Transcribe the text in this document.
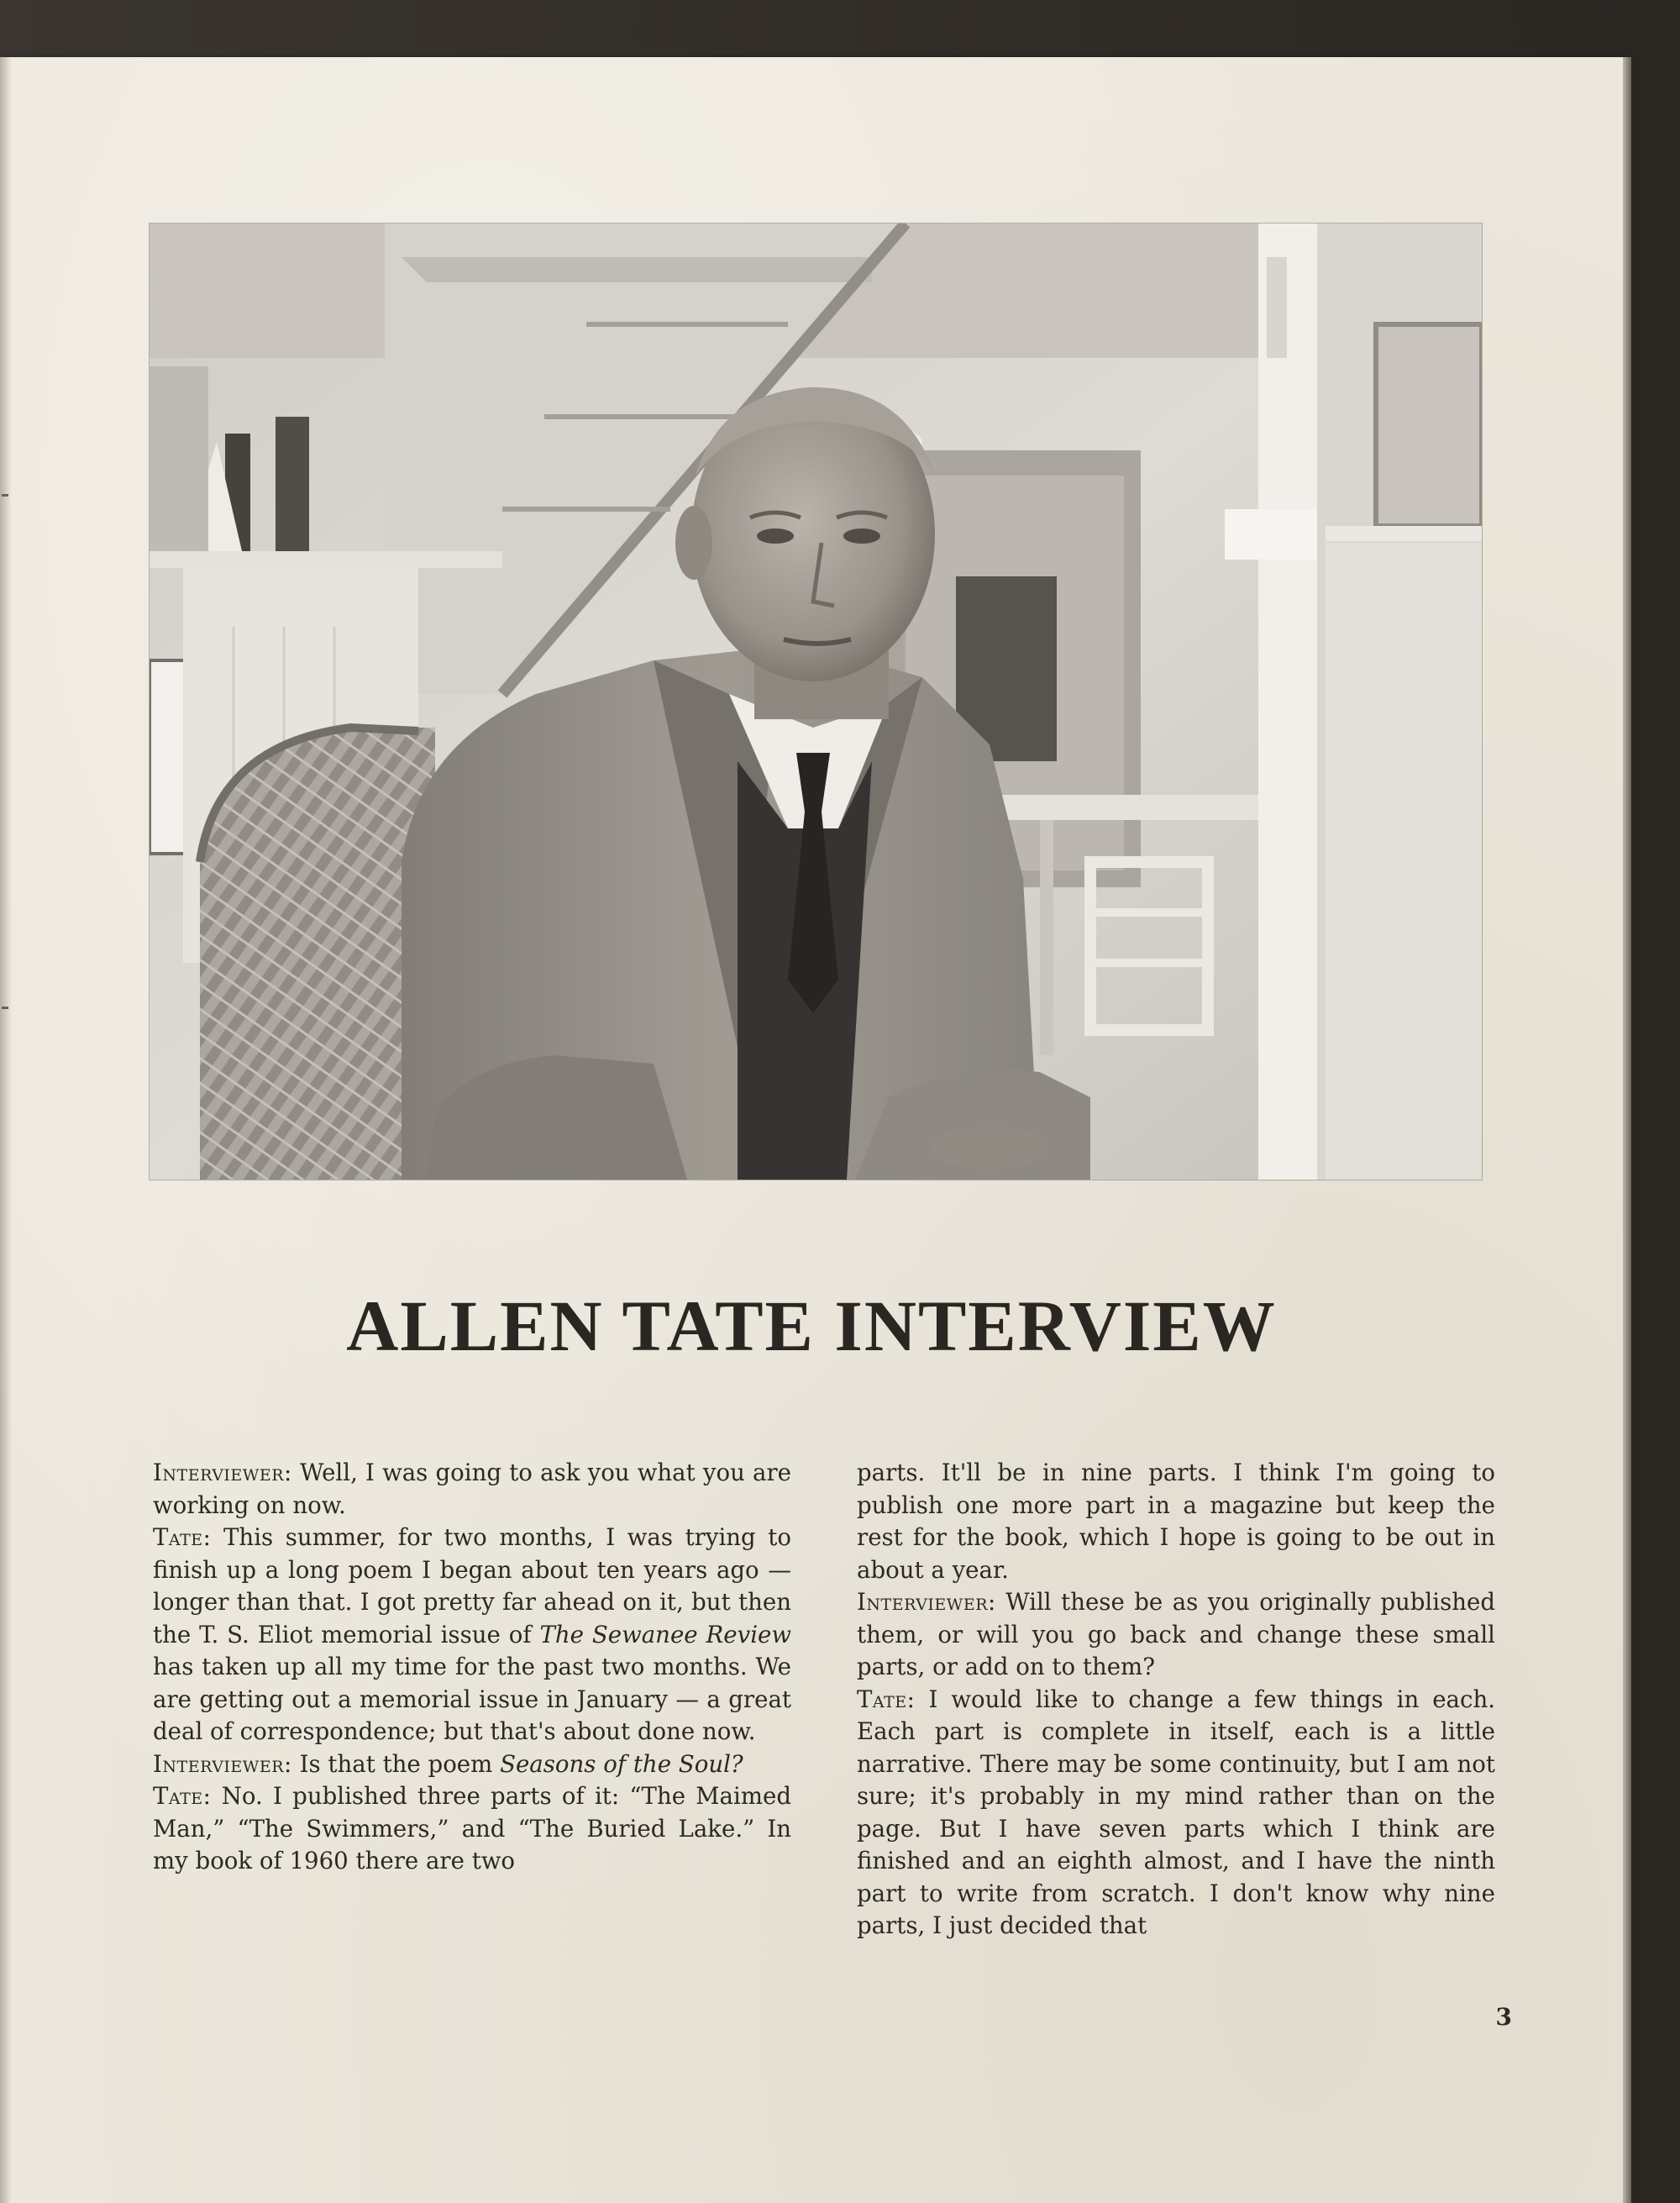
ALLEN TATE INTERVIEW

Interviewer: Well, I was going to ask you what you are working on now.

Tate: This summer, for two months, I was trying to finish up a long poem I began about ten years ago — longer than that. I got pretty far ahead on it, but then the T. S. Eliot memorial issue of The Sewanee Review has taken up all my time for the past two months. We are getting out a memorial issue in January — a great deal of correspondence; but that's about done now.

Interviewer: Is that the poem Seasons of the Soul?

Tate: No. I published three parts of it: “The Maimed Man,” “The Swimmers,” and “The Buried Lake.” In my book of 1960 there are two

parts. It'll be in nine parts. I think I'm going to publish one more part in a magazine but keep the rest for the book, which I hope is going to be out in about a year.

Interviewer: Will these be as you originally published them, or will you go back and change these small parts, or add on to them?

Tate: I would like to change a few things in each. Each part is complete in itself, each is a little narrative. There may be some continuity, but I am not sure; it's probably in my mind rather than on the page. But I have seven parts which I think are finished and an eighth almost, and I have the ninth part to write from scratch. I don't know why nine parts, I just decided that

3
